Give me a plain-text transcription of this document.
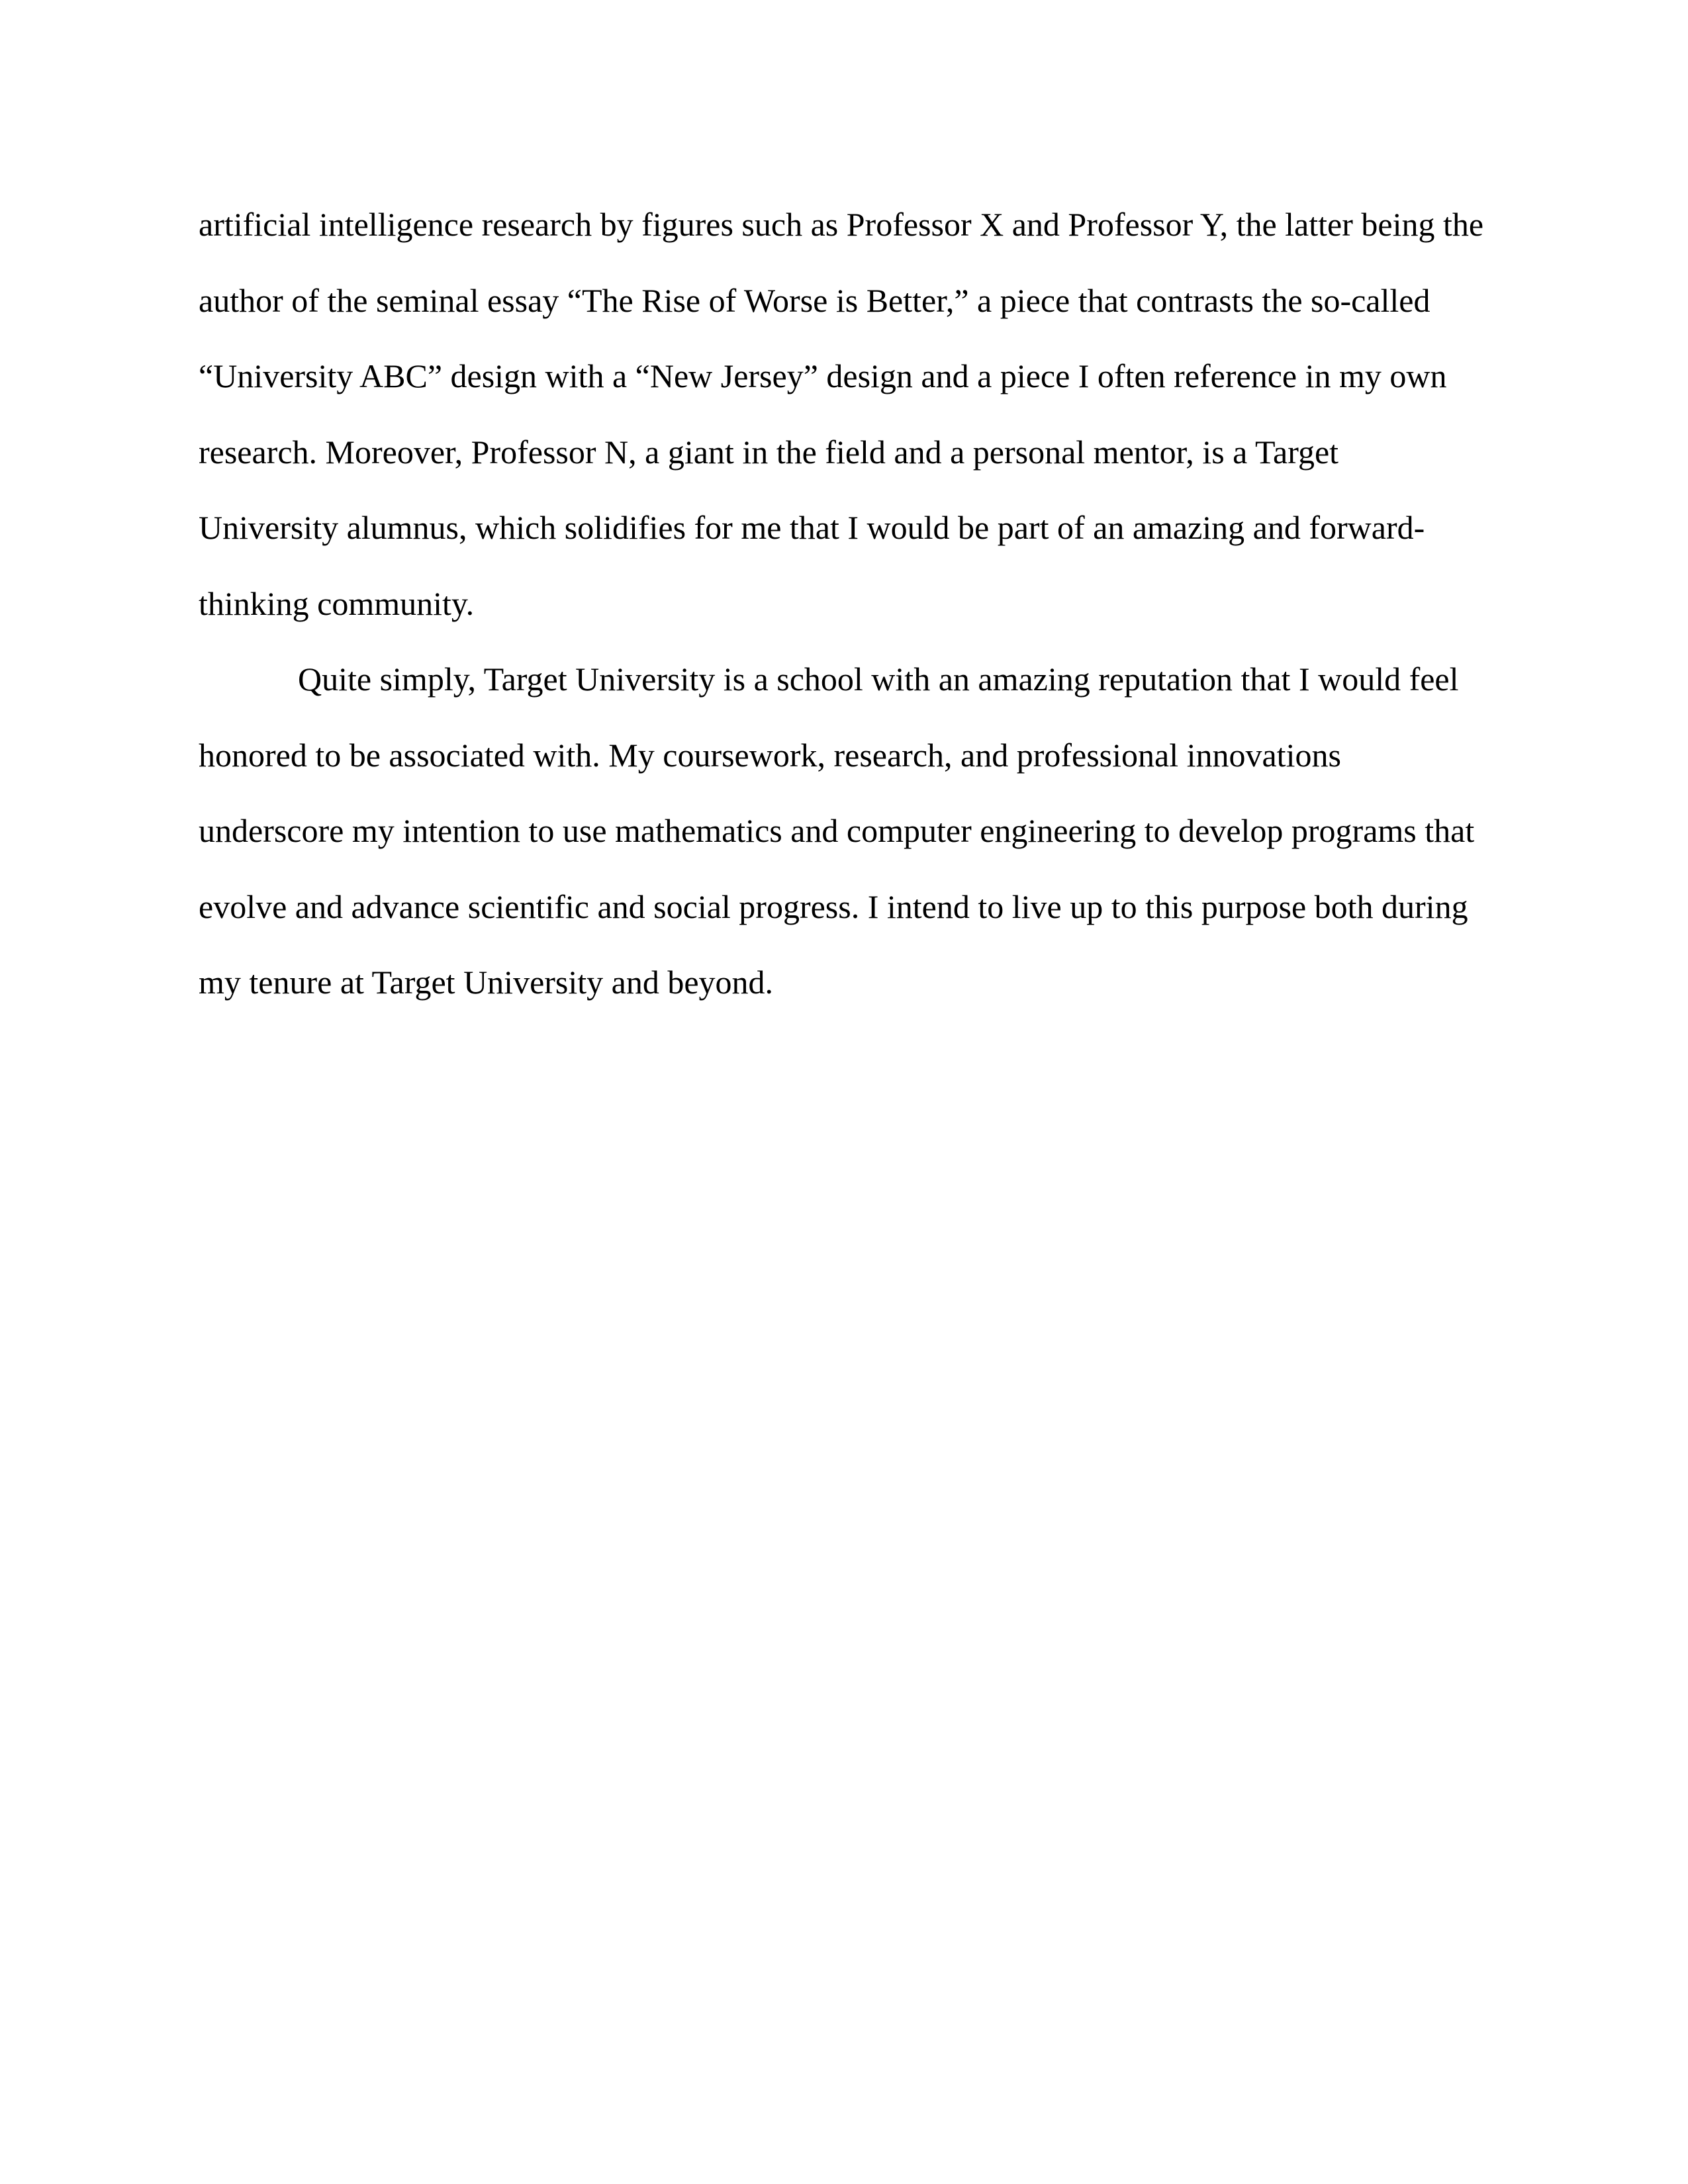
artificial intelligence research by figures such as Professor X and Professor Y, the latter being the
author of the seminal essay “The Rise of Worse is Better,” a piece that contrasts the so-called
“University ABC” design with a “New Jersey” design and a piece I often reference in my own
research. Moreover, Professor N, a giant in the field and a personal mentor, is a Target
University alumnus, which solidifies for me that I would be part of an amazing and forward-
thinking community.
Quite simply, Target University is a school with an amazing reputation that I would feel
honored to be associated with. My coursework, research, and professional innovations
underscore my intention to use mathematics and computer engineering to develop programs that
evolve and advance scientific and social progress. I intend to live up to this purpose both during
my tenure at Target University and beyond.
